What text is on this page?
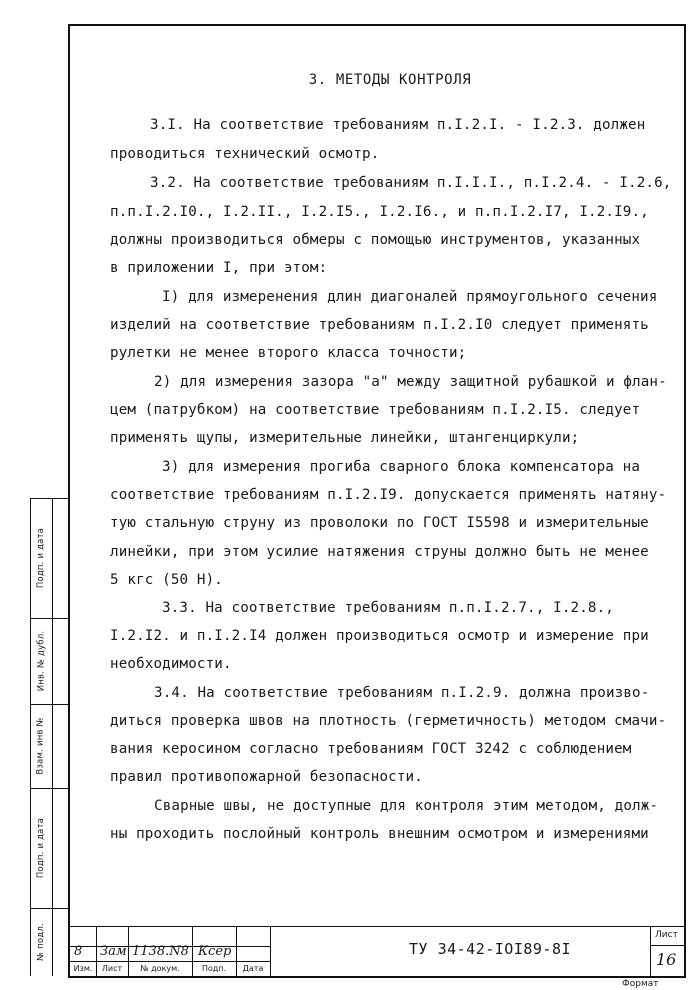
Подп. и дата
Инв. № дубл.
Взам. инв №
Подп. и дата
№ подл.
3. МЕТОДЫ КОНТРОЛЯ
3.I. На соответствие требованиям п.I.2.I. - I.2.3. должен
проводиться технический осмотр.
3.2. На соответствие требованиям п.I.I.I., п.I.2.4. - I.2.6,
п.п.I.2.I0., I.2.II., I.2.I5., I.2.I6., и п.п.I.2.I7, I.2.I9.,
должны производиться обмеры с помощью инструментов, указанных
в приложении I, при этом:
I) для измеренения длин диагоналей прямоугольного сечения
изделий на соответствие требованиям п.I.2.I0 следует применять
рулетки не менее второго класса точности;
2) для измерения зазора "а" между защитной рубашкой и флан-
цем (патрубком) на соответствие требованиям п.I.2.I5. следует
применять щупы, измерительные линейки, штангенциркули;
3) для измерения прогиба сварного блока компенсатора на
соответствие требованиям п.I.2.I9. допускается применять натяну-
тую стальную струну из проволоки по ГОСТ I5598 и измерительные
линейки, при этом усилие натяжения струны должно быть не менее
5 кгс (50 Н).
3.3. На соответствие требованиям п.п.I.2.7., I.2.8.,
I.2.I2. и п.I.2.I4 должен производиться осмотр и измерение при
необходимости.
3.4. На соответствие требованиям п.I.2.9. должна произво-
диться проверка швов на плотность (герметичность) методом смачи-
вания керосином согласно требованиям ГОСТ 3242 с соблюдением
правил противопожарной безопасности.
Сварные швы, не доступные для контроля этим методом, долж-
ны проходить послойный контроль внешним осмотром и измерениями
8 Зам 1138.N8 Ксер
Изм.	Лист	№ докум.	Подп.	Дата
ТУ 34-42-IOI89-8I
Лист
16
Формат
